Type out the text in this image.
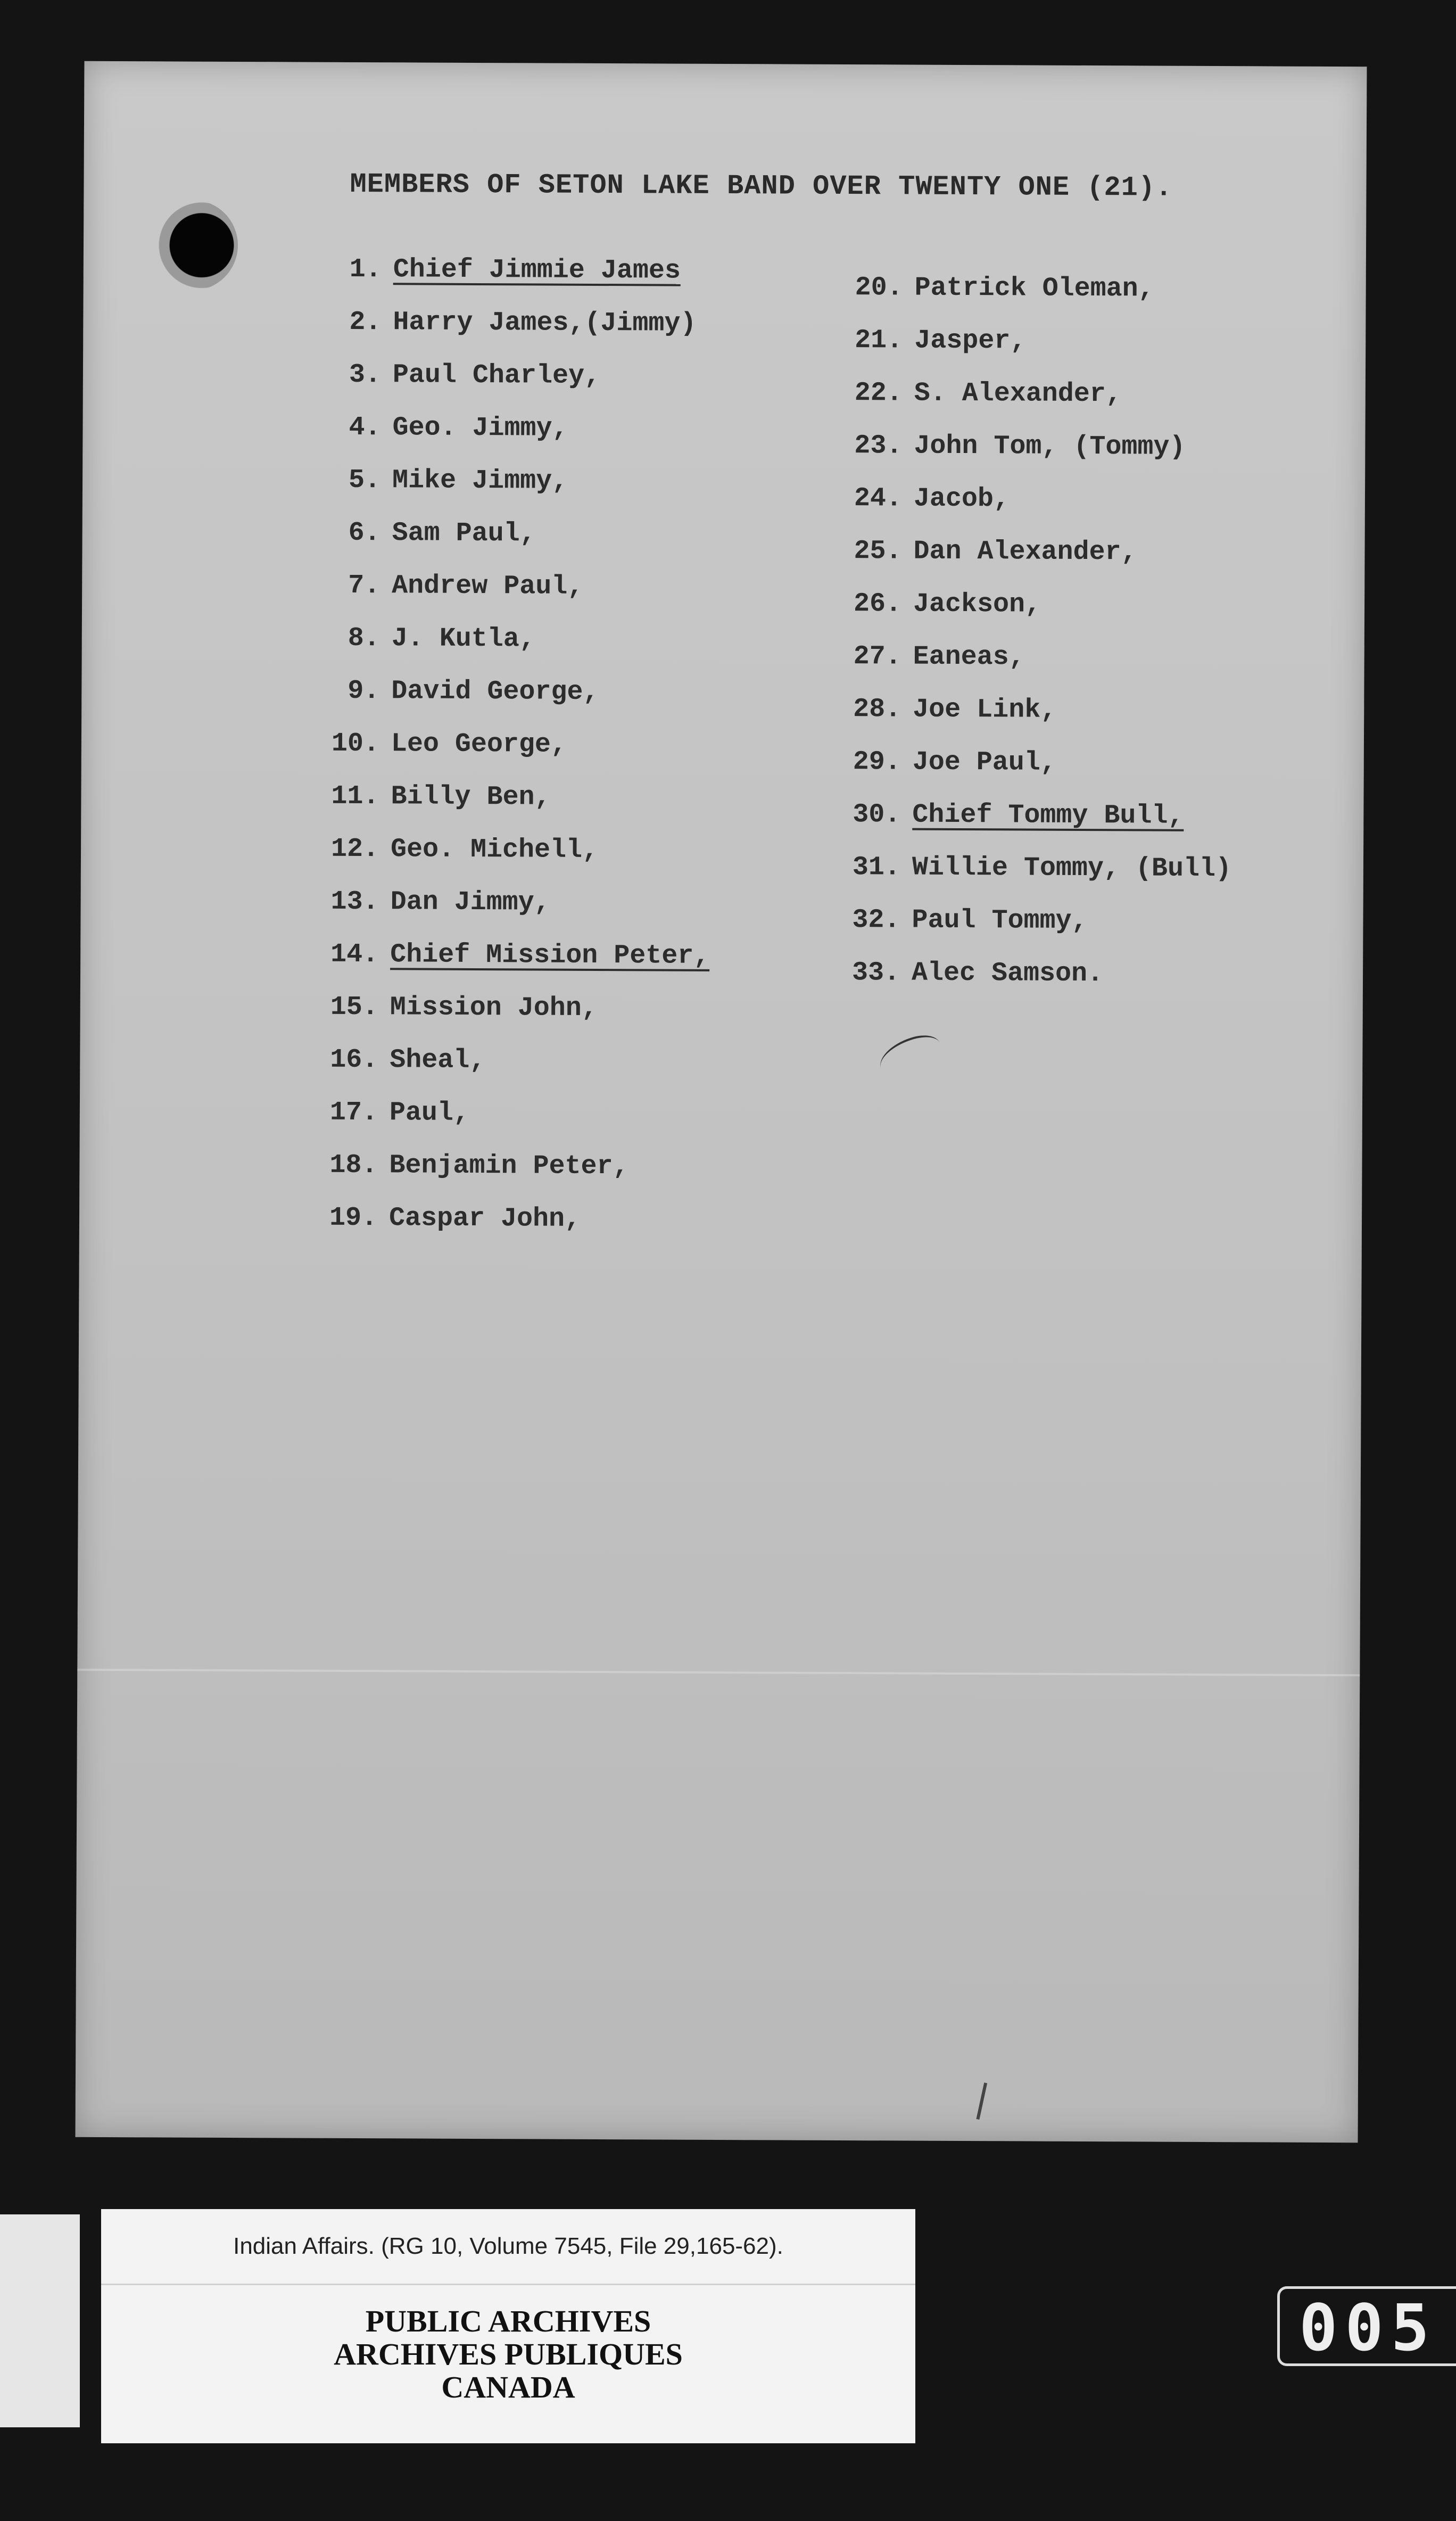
MEMBERS OF SETON LAKE BAND OVER TWENTY ONE (21).
1. Chief Jimmie James
2. Harry James,(Jimmy)
3. Paul Charley,
4. Geo. Jimmy,
5. Mike Jimmy,
6. Sam Paul,
7. Andrew Paul,
8. J. Kutla,
9. David George,
10. Leo George,
11. Billy Ben,
12. Geo. Michell,
13. Dan Jimmy,
14. Chief Mission Peter,
15. Mission John,
16. Sheal,
17. Paul,
18. Benjamin Peter,
19. Caspar John,
20. Patrick Oleman,
21. Jasper,
22. S. Alexander,
23. John Tom, (Tommy)
24. Jacob,
25. Dan Alexander,
26. Jackson,
27. Eaneas,
28. Joe Link,
29. Joe Paul,
30. Chief Tommy Bull,
31. Willie Tommy, (Bull)
32. Paul Tommy,
33. Alec Samson.
Indian Affairs. (RG 10, Volume 7545, File 29,165-62).
PUBLIC ARCHIVES
ARCHIVES PUBLIQUES
CANADA
005
